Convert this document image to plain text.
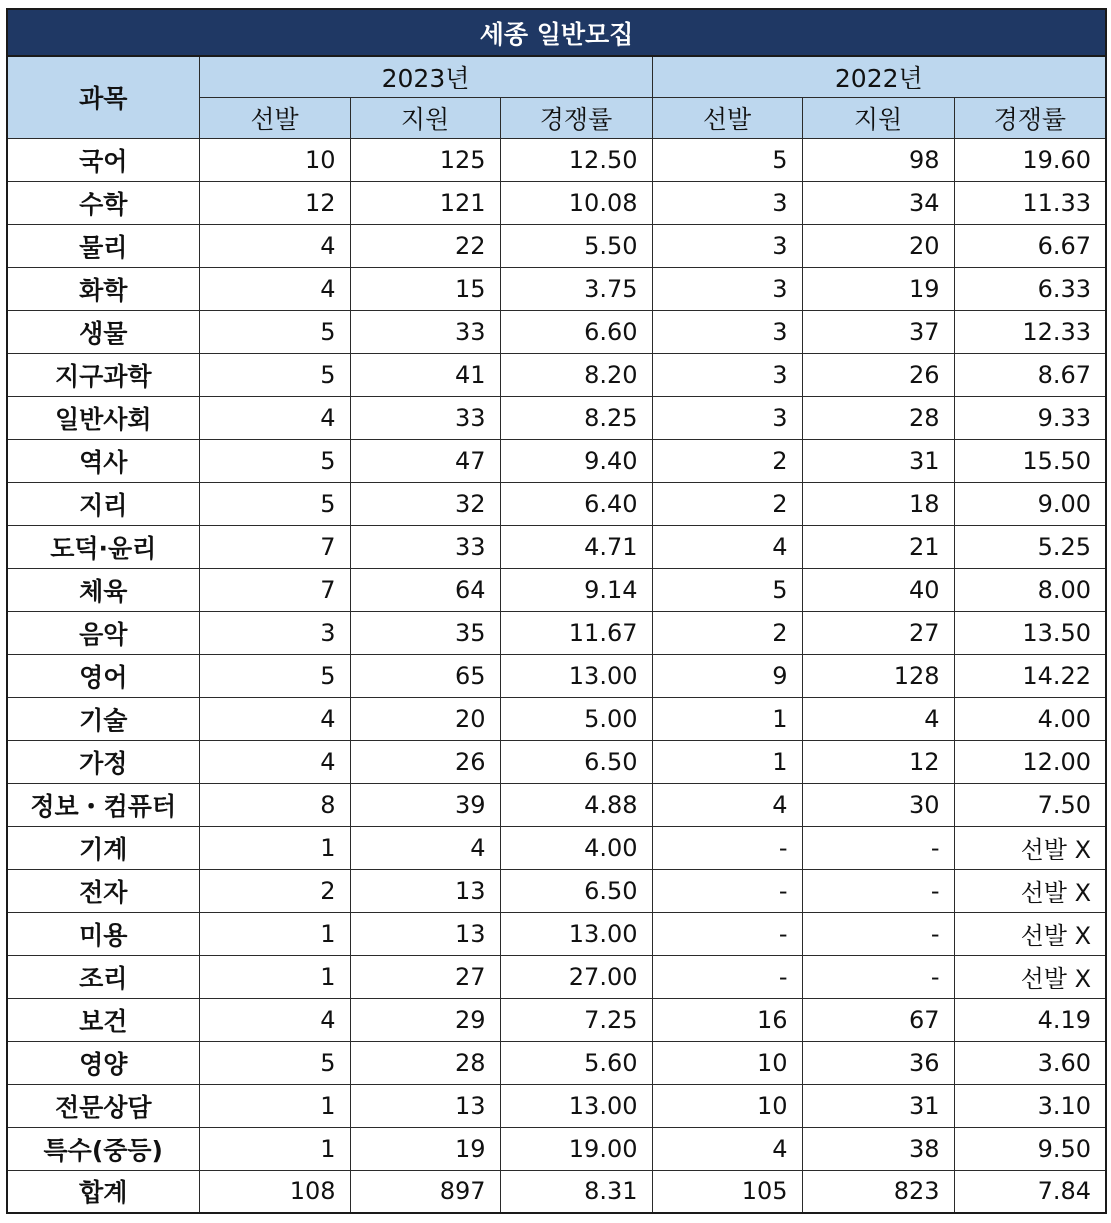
세종 일반모집						
과목	2023년			2022년		
	선발	지원	경쟁률	선발	지원	경쟁률
국어	10	125	12.50	5	98	19.60
수학	12	121	10.08	3	34	11.33
물리	4	22	5.50	3	20	6.67
화학	4	15	3.75	3	19	6.33
생물	5	33	6.60	3	37	12.33
지구과학	5	41	8.20	3	26	8.67
일반사회	4	33	8.25	3	28	9.33
역사	5	47	9.40	2	31	15.50
지리	5	32	6.40	2	18	9.00
도덕·윤리	7	33	4.71	4	21	5.25
체육	7	64	9.14	5	40	8.00
음악	3	35	11.67	2	27	13.50
영어	5	65	13.00	9	128	14.22
기술	4	20	5.00	1	4	4.00
가정	4	26	6.50	1	12	12.00
정보・컴퓨터	8	39	4.88	4	30	7.50
기계	1	4	4.00	-	-	선발 X
전자	2	13	6.50	-	-	선발 X
미용	1	13	13.00	-	-	선발 X
조리	1	27	27.00	-	-	선발 X
보건	4	29	7.25	16	67	4.19
영양	5	28	5.60	10	36	3.60
전문상담	1	13	13.00	10	31	3.10
특수(중등)	1	19	19.00	4	38	9.50
합계	108	897	8.31	105	823	7.84
